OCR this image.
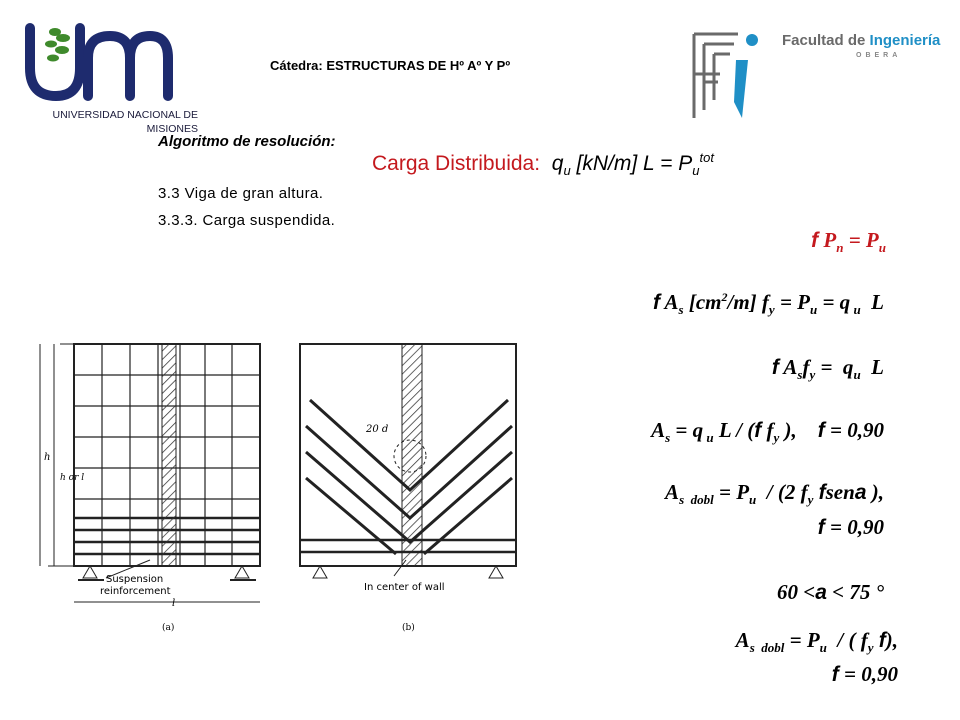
UNIVERSIDAD NACIONAL DE MISIONES
Cátedra: ESTRUCTURAS DE Hº Aº Y Pº
Facultad de Ingeniería
OBERA
Algoritmo de resolución:
Carga Distribuida: $q_u$ [kN/m] $L = P_u^{tot}$
3.3 Viga de gran altura.
3.3.3. Carga suspendida.
f $P_n = P_u$
f $A_s$ $[cm^2/m] f_y = P_u = q$ $_u$  L
f $A_sf_y = q_u$  L
$A_s = q$ $_u$ L / (f $f_y$ ),    f = 0,90
$A_{s dobl} = P_u / (2$ $f_y$ fsena ),
f = 0,90
60 <a < 75 °
$A_{s dobl} = P_u$  / ( $f_y$ f),
f = 0,90
h
h or l
Suspension
reinforcement
l
(a)
20 d
In center of wall
(b)
